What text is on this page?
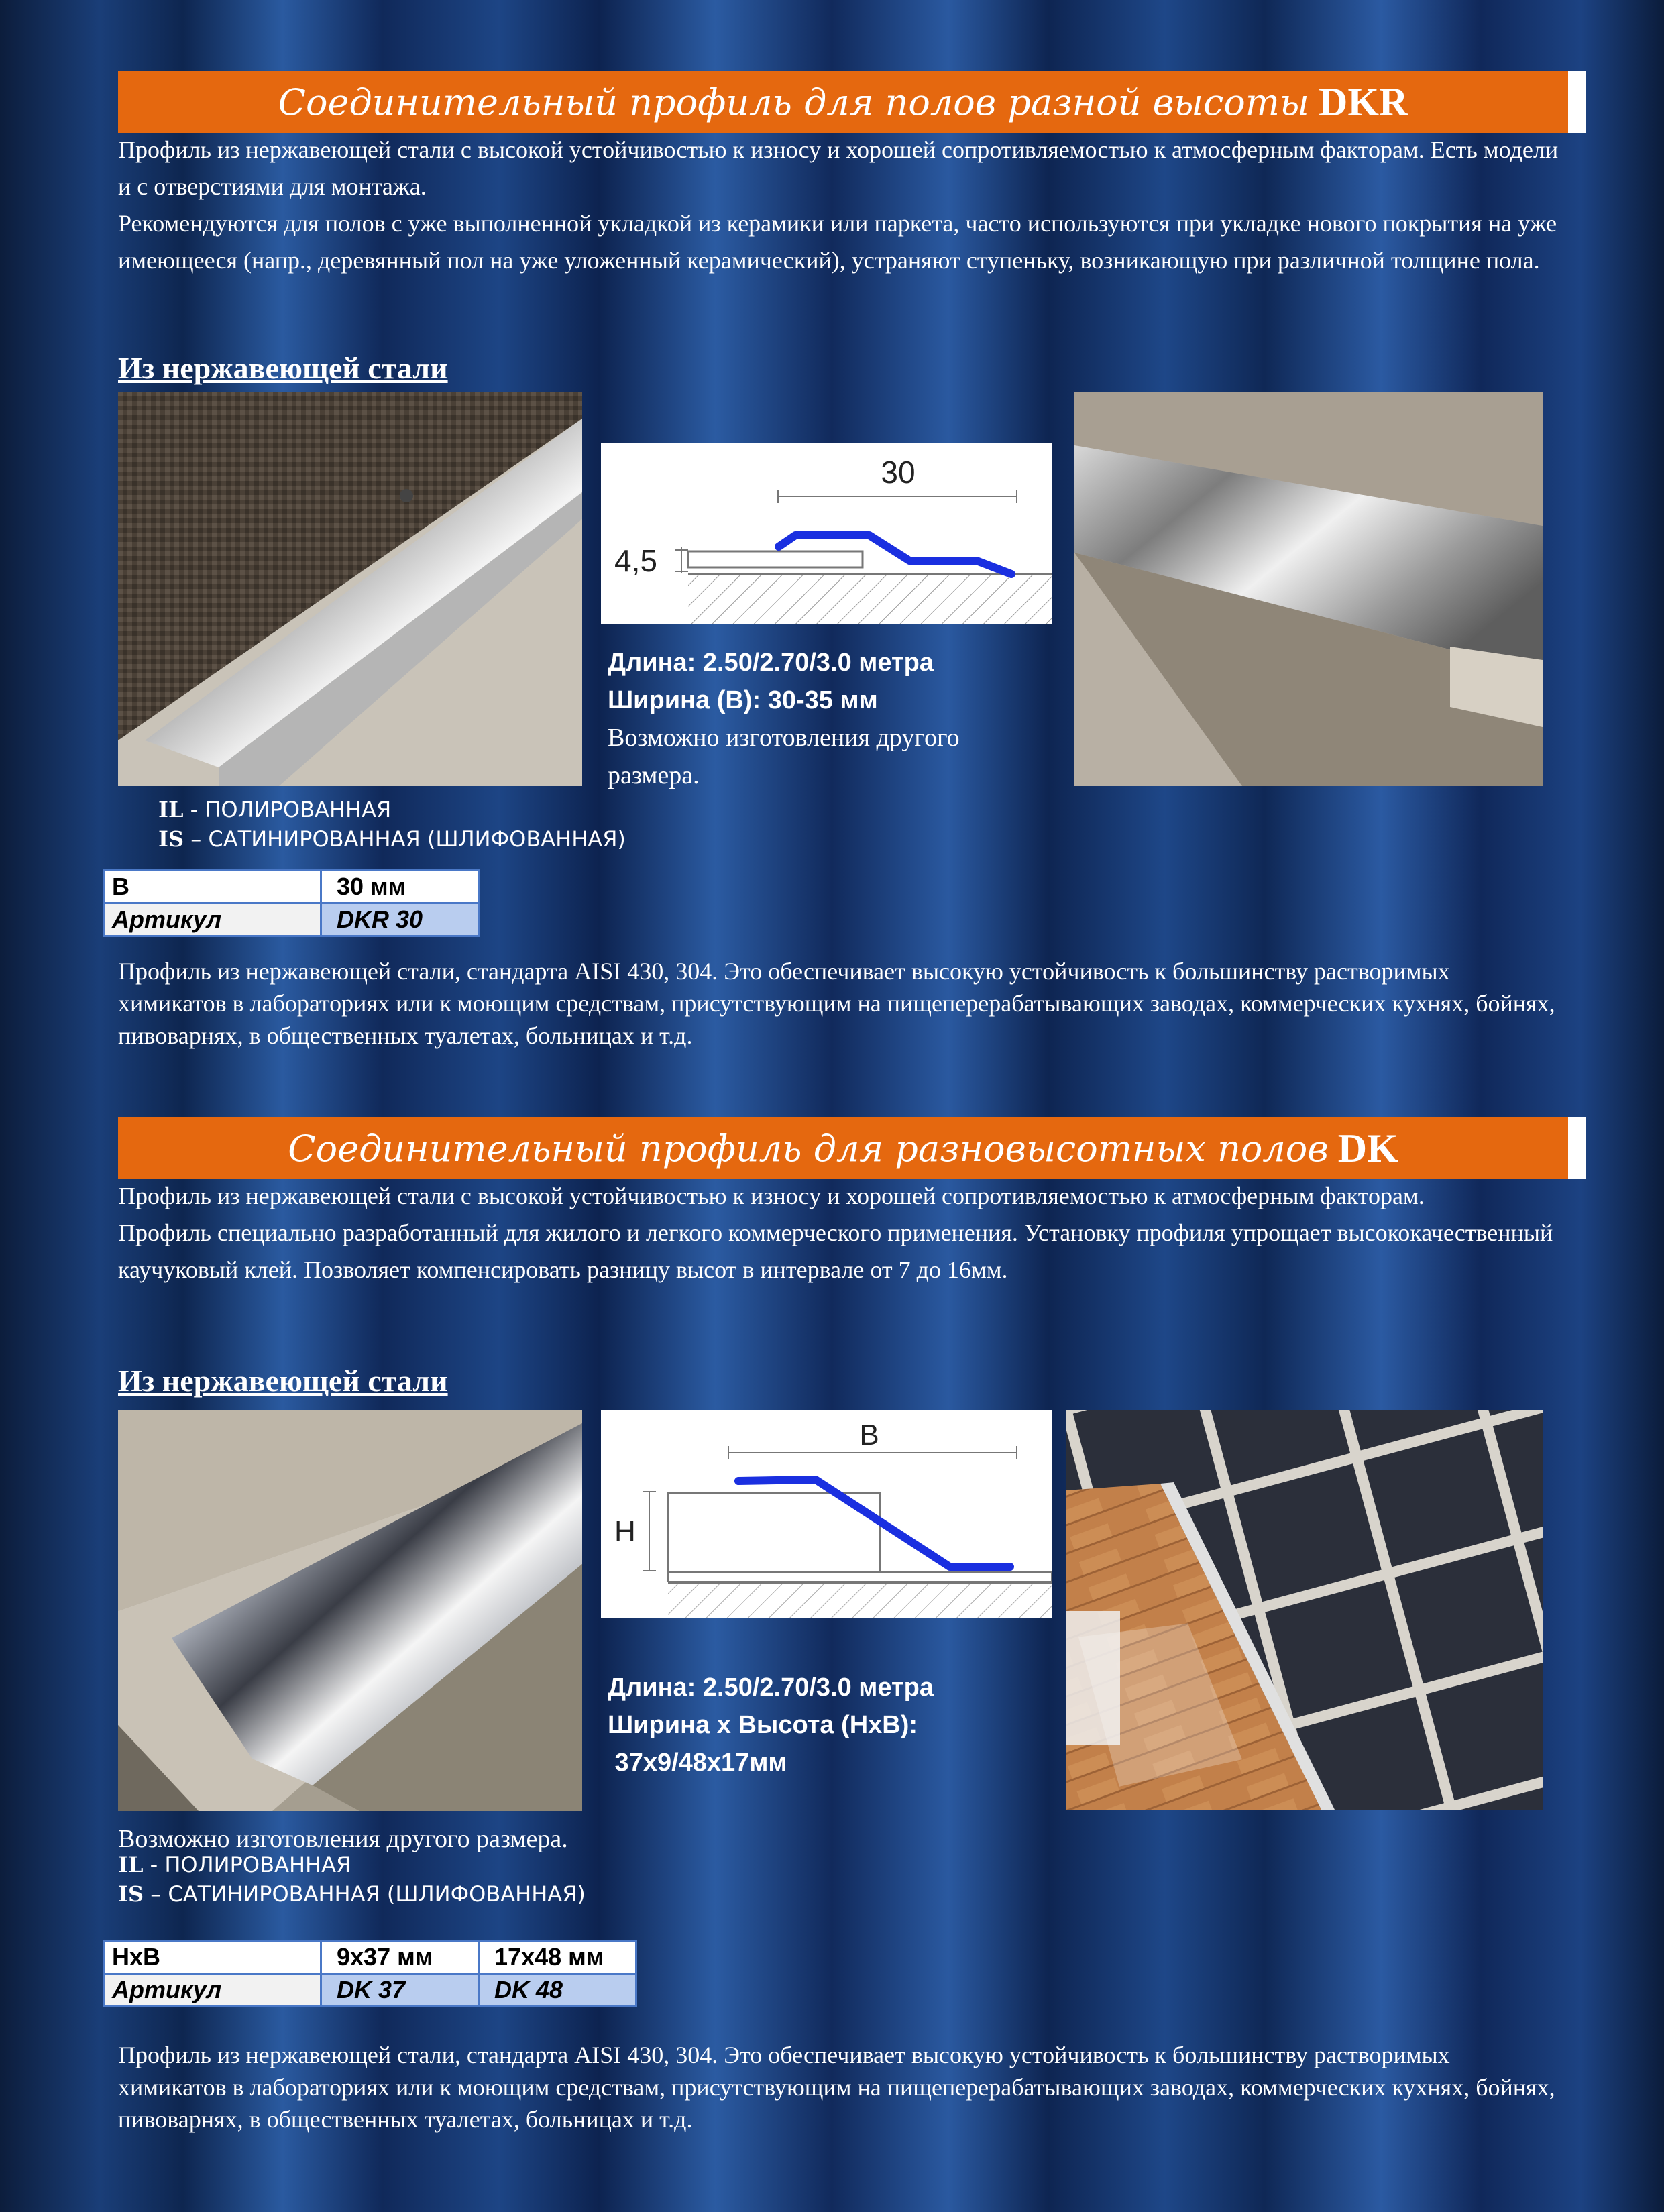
Соединительный профиль для полов разной высоты DKR

Профиль из нержавеющей стали с высокой устойчивостью к износу и хорошей сопротивляемостью к атмосферным факторам. Есть модели и с отверстиями для монтажа.

Рекомендуются для полов с уже выполненной укладкой из керамики или паркета, часто используются при укладке нового покрытия на уже имеющееся (напр., деревянный пол на уже уложенный керамический), устраняют ступеньку, возникающую при различной толщине пола.

Из нержавеющей стали
30
4,5
Длина: 2.50/2.70/3.0 метра
Ширина (В): 30-35 мм
Возможно изготовления другого размера.
IL - ПОЛИРОВАННАЯ
IS – САТИНИРОВАННАЯ (ШЛИФОВАННАЯ)
B	30 мм
Артикул	DKR 30
Профиль из нержавеющей стали, стандарта AISI 430, 304. Это обеспечивает высокую устойчивость к большинству растворимых химикатов в лабораториях или к моющим средствам, присутствующим на пищеперерабатывающих заводах, коммерческих кухнях, бойнях, пивоварнях, в общественных туалетах, больницах и т.д.
Соединительный профиль для разновысотных полов DK

Профиль из нержавеющей стали с высокой устойчивостью к износу и хорошей сопротивляемостью к атмосферным факторам.

Профиль специально разработанный для жилого и легкого коммерческого применения. Установку профиля упрощает высококачественный каучуковый клей. Позволяет компенсировать разницу высот в интервале от 7 до 16мм.

Из нержавеющей стали
B
H
Длина: 2.50/2.70/3.0 метра
Ширина х Высота (НхВ):
37х9/48х17мм
Возможно изготовления другого размера.
IL - ПОЛИРОВАННАЯ
IS – САТИНИРОВАННАЯ (ШЛИФОВАННАЯ)
НхВ	9х37 мм	17х48 мм
Артикул	DK 37	DK 48
Профиль из нержавеющей стали, стандарта AISI 430, 304. Это обеспечивает высокую устойчивость к большинству растворимых химикатов в лабораториях или к моющим средствам, присутствующим на пищеперерабатывающих заводах, коммерческих кухнях, бойнях, пивоварнях, в общественных туалетах, больницах и т.д.
